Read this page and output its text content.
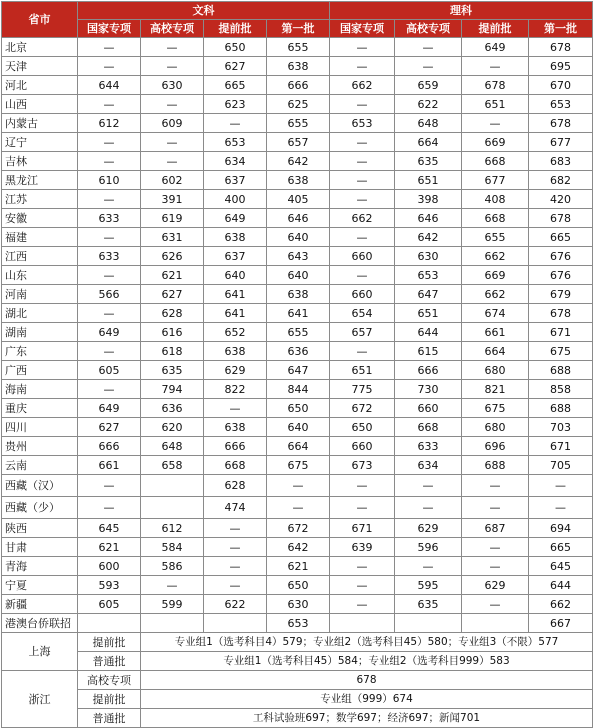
省市	文科				理科			
	国家专项	高校专项	提前批	第一批	国家专项	高校专项	提前批	第一批
北京	—	—	650	655	—	—	649	678
天津	—	—	627	638	—	—	—	695
河北	644	630	665	666	662	659	678	670
山西	—	—	623	625	—	622	651	653
内蒙古	612	609	—	655	653	648	—	678
辽宁	—	—	653	657	—	664	669	677
吉林	—	—	634	642	—	635	668	683
黑龙江	610	602	637	638	—	651	677	682
江苏	—	391	400	405	—	398	408	420
安徽	633	619	649	646	662	646	668	678
福建	—	631	638	640	—	642	655	665
江西	633	626	637	643	660	630	662	676
山东	—	621	640	640	—	653	669	676
河南	566	627	641	638	660	647	662	679
湖北	—	628	641	641	654	651	674	678
湖南	649	616	652	655	657	644	661	671
广东	—	618	638	636	—	615	664	675
广西	605	635	629	647	651	666	680	688
海南	—	794	822	844	775	730	821	858
重庆	649	636	—	650	672	660	675	688
四川	627	620	638	640	650	668	680	703
贵州	666	648	666	664	660	633	696	671
云南	661	658	668	675	673	634	688	705
西藏（汉）	—		628	—	—	—	—	—
西藏（少）	—		474	—	—	—	—	—
陕西	645	612	—	672	671	629	687	694
甘肃	621	584	—	642	639	596	—	665
青海	600	586	—	621	—	—	—	645
宁夏	593	—	—	650	—	595	629	644
新疆	605	599	622	630	—	635	—	662
港澳台侨联招				653				667
上海	提前批	专业组1（选考科目4）579；专业组2（选考科目45）580；专业组3（不限）577						
	普通批	专业组1（选考科目45）584；专业组2（选考科目999）583						
浙江	高校专项	678						
	提前批	专业组（999）674						
	普通批	工科试验班697；数学697；经济697；新闻701						
